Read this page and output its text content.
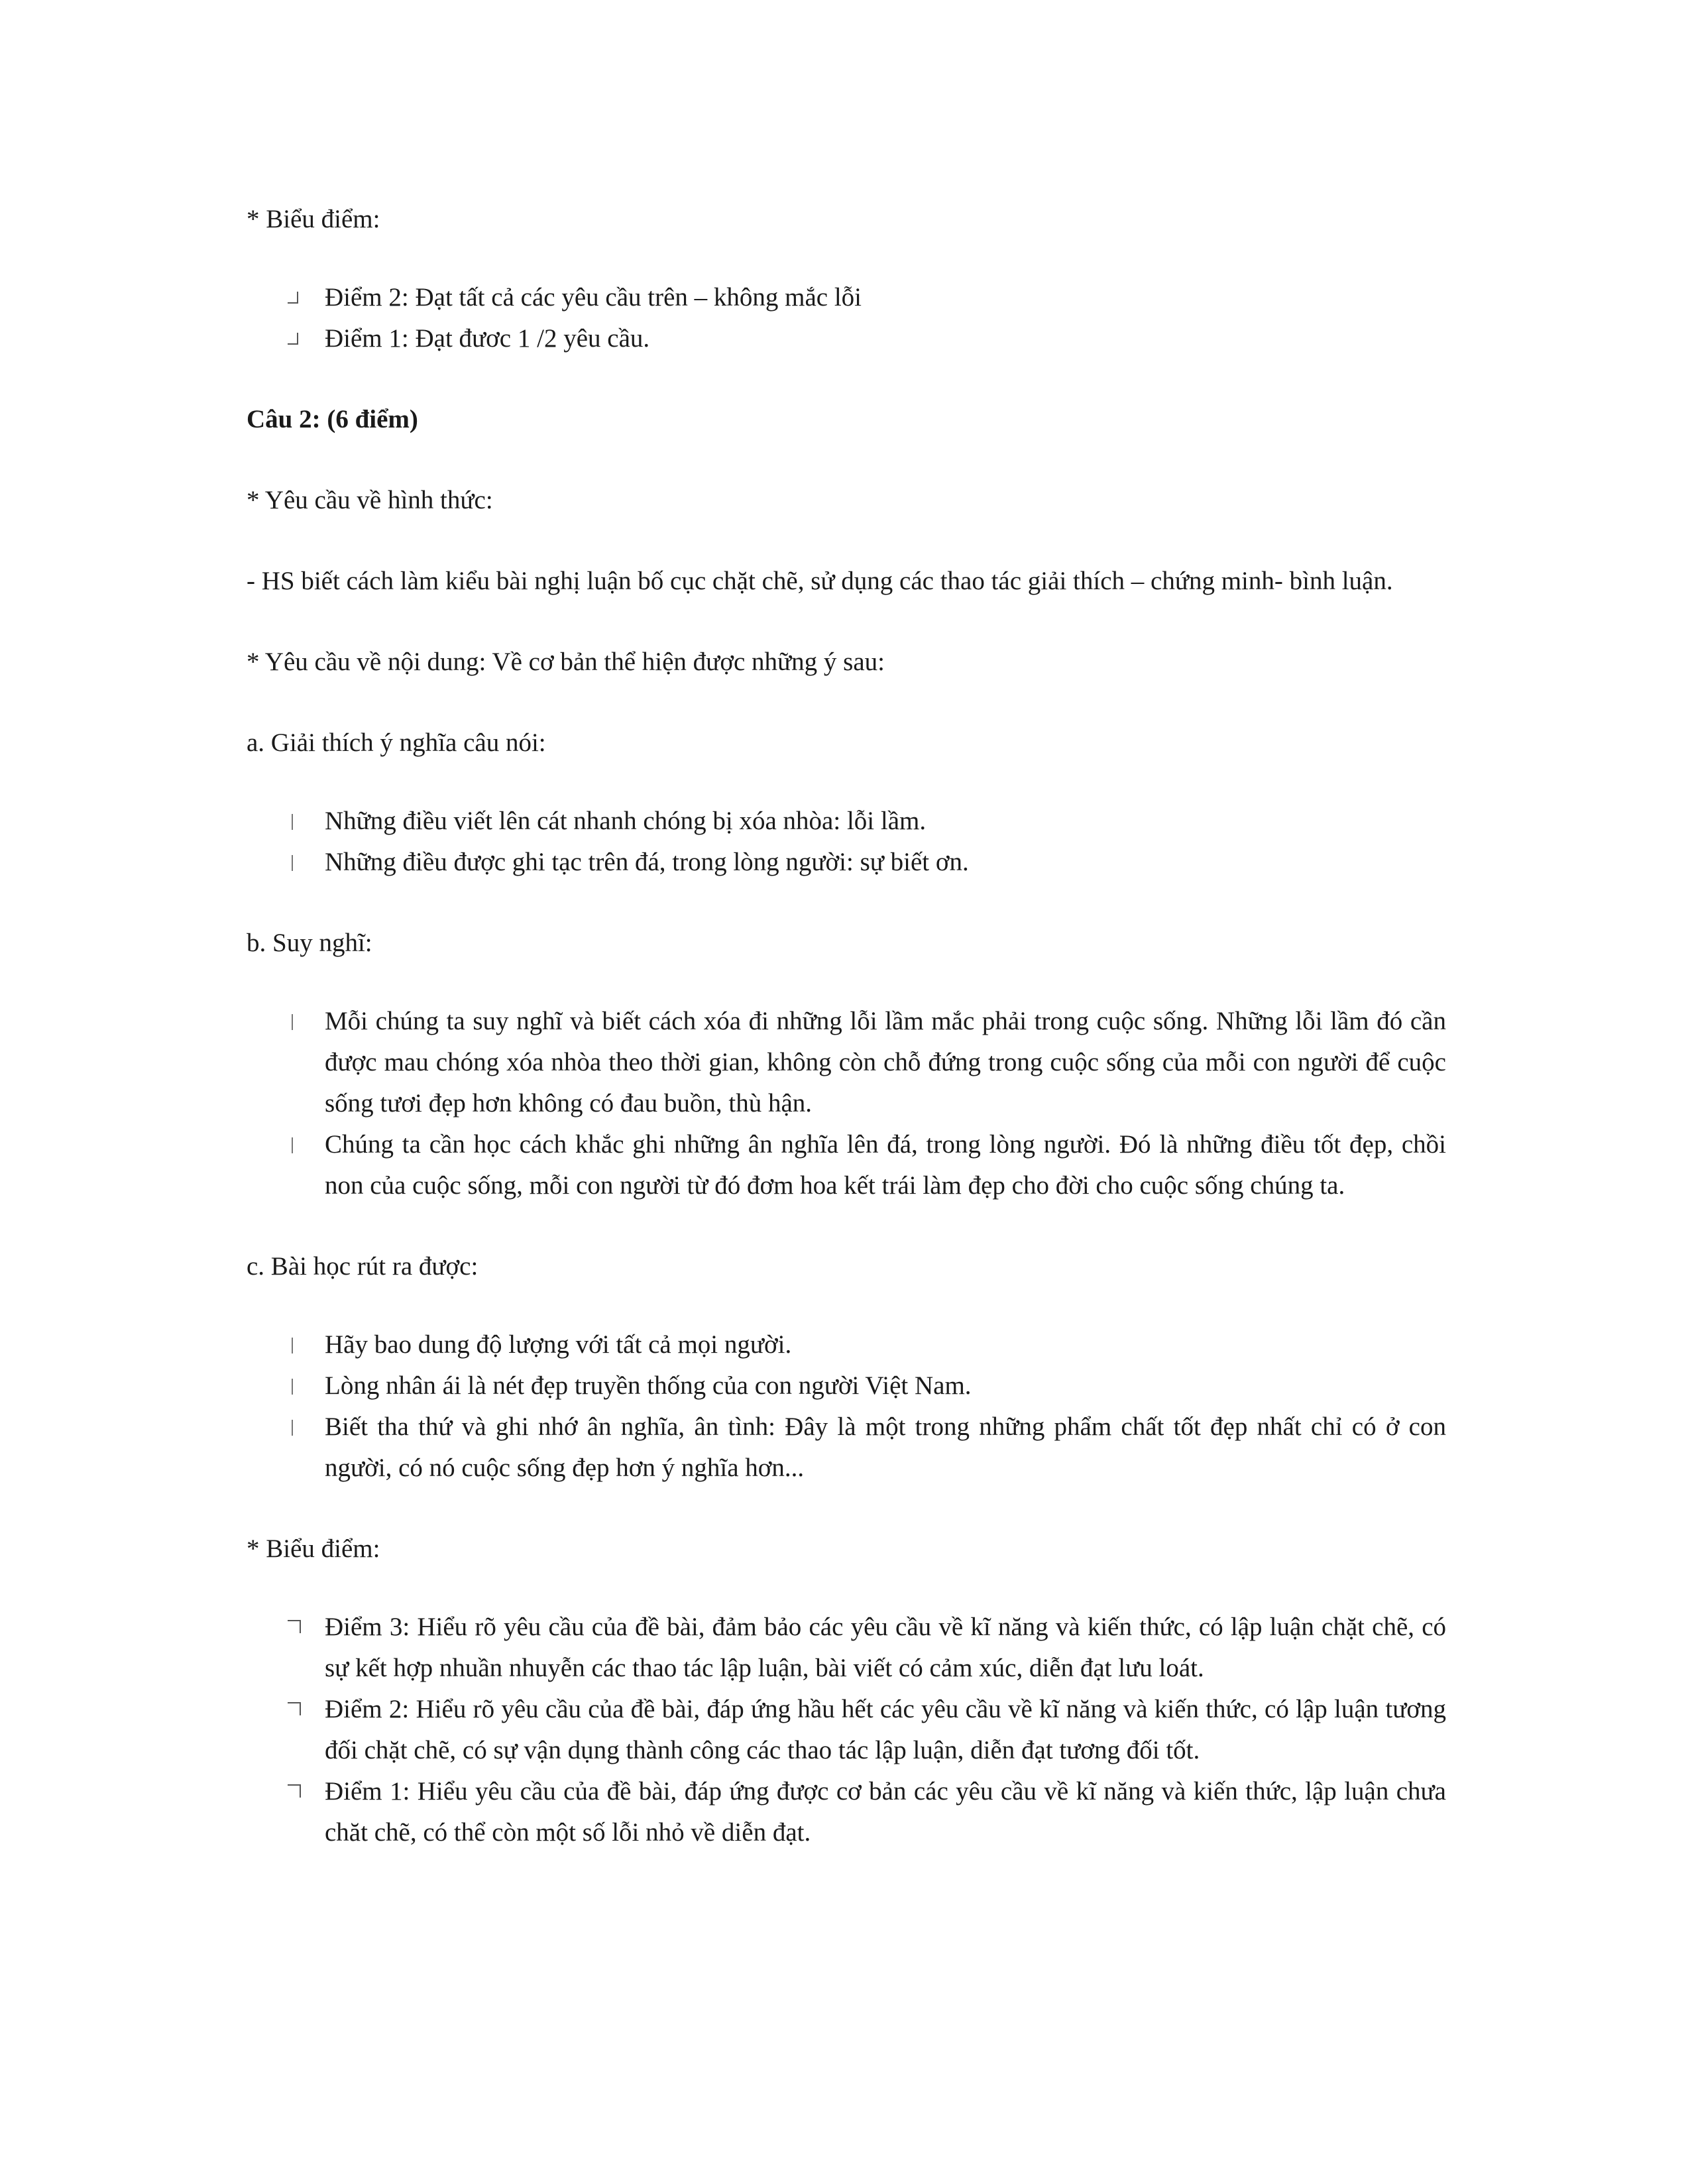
* Biểu điểm:

Điểm 2: Đạt tất cả các yêu cầu trên – không mắc lỗi
Điểm 1: Đạt đươc 1 /2 yêu cầu.

Câu 2: (6 điểm)

* Yêu cầu về hình thức:

- HS biết cách làm kiểu bài nghị luận bố cục chặt chẽ, sử dụng các thao tác giải thích – chứng minh- bình luận.

* Yêu cầu về nội dung: Về cơ bản thể hiện được những ý sau:

a. Giải thích ý nghĩa câu nói:

Những điều viết lên cát nhanh chóng bị xóa nhòa: lỗi lầm.
Những điều được ghi tạc trên đá, trong lòng người: sự biết ơn.

b. Suy nghĩ:

Mỗi chúng ta suy nghĩ và biết cách xóa đi những lỗi lầm mắc phải trong cuộc sống. Những lỗi lầm đó cần được mau chóng xóa nhòa theo thời gian, không còn chỗ đứng trong cuộc sống của mỗi con người để cuộc sống tươi đẹp hơn không có đau buồn, thù hận.
Chúng ta cần học cách khắc ghi những ân nghĩa lên đá, trong lòng người. Đó là những điều tốt đẹp, chồi non của cuộc sống, mỗi con người từ đó đơm hoa kết trái làm đẹp cho đời cho cuộc sống chúng ta.

c. Bài học rút ra được:

Hãy bao dung độ lượng với tất cả mọi người.
Lòng nhân ái là nét đẹp truyền thống của con người Việt Nam.
Biết tha thứ và ghi nhớ ân nghĩa, ân tình: Đây là một trong những phẩm chất tốt đẹp nhất chỉ có ở con người, có nó cuộc sống đẹp hơn ý nghĩa hơn...

* Biểu điểm:

Điểm 3: Hiểu rõ yêu cầu của đề bài, đảm bảo các yêu cầu về kĩ năng và kiến thức, có lập luận chặt chẽ, có sự kết hợp nhuần nhuyễn các thao tác lập luận, bài viết có cảm xúc, diễn đạt lưu loát.
Điểm 2: Hiểu rõ yêu cầu của đề bài, đáp ứng hầu hết các yêu cầu về kĩ năng và kiến thức, có lập luận tương đối chặt chẽ, có sự vận dụng thành công các thao tác lập luận, diễn đạt tương đối tốt.
Điểm 1: Hiểu yêu cầu của đề bài, đáp ứng được cơ bản các yêu cầu về kĩ năng và kiến thức, lập luận chưa chăt chẽ, có thể còn một số lỗi nhỏ về diễn đạt.
